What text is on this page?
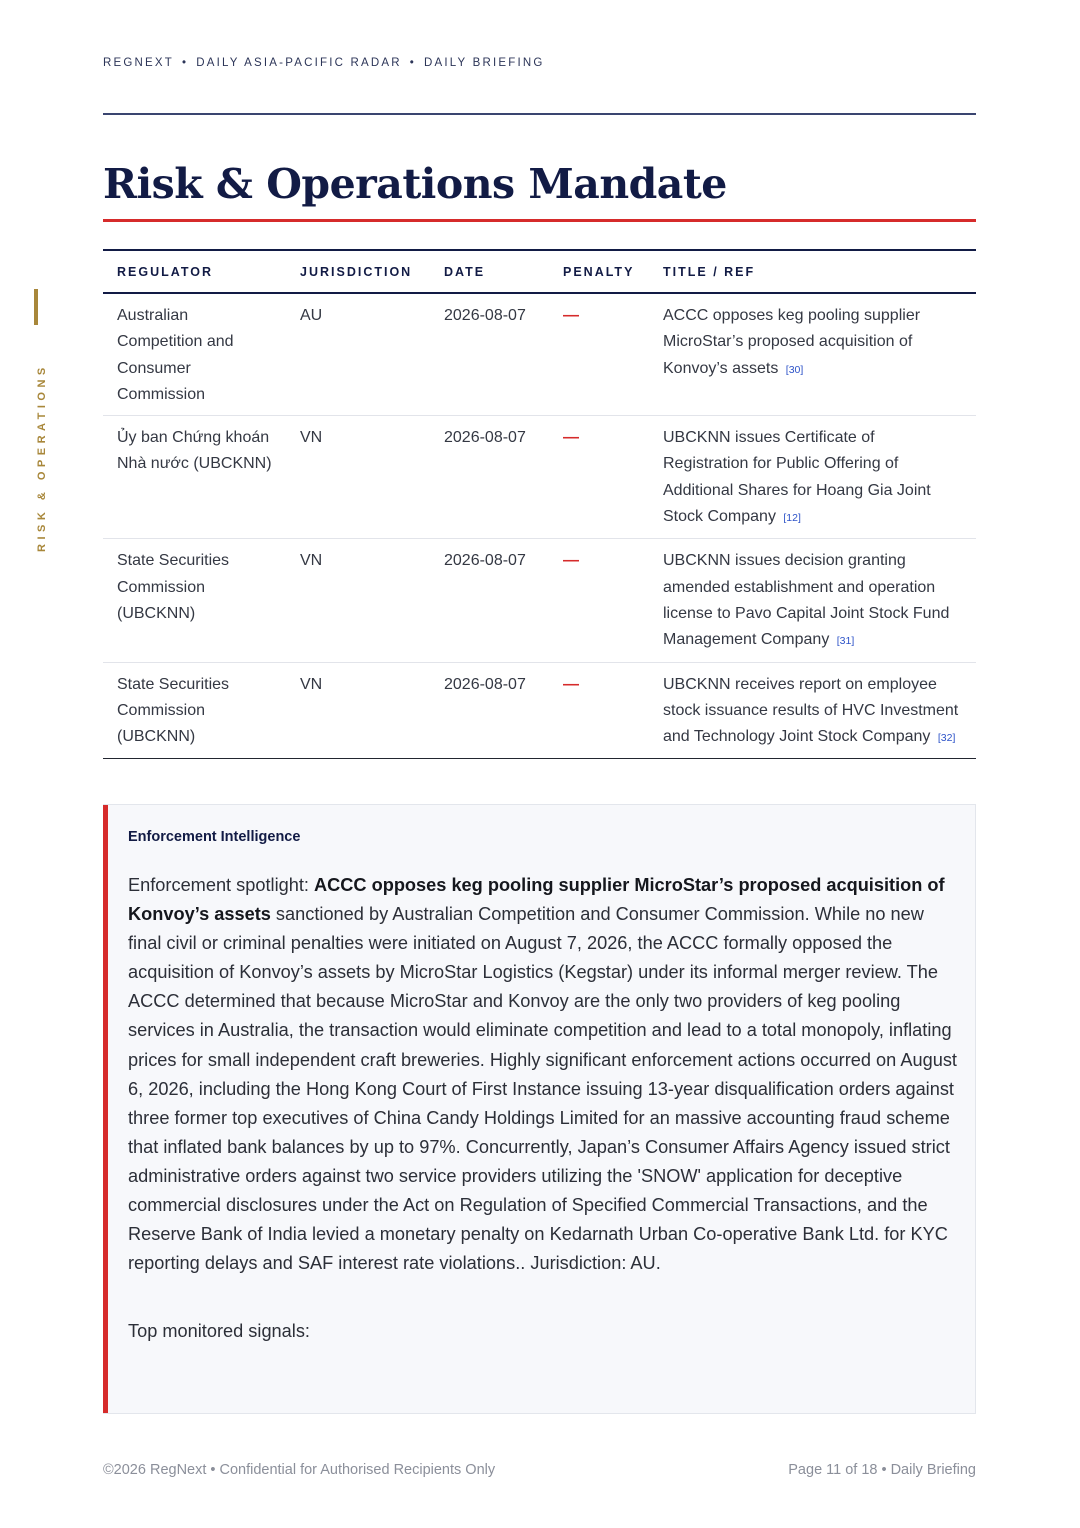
REGNEXT • DAILY ASIA-PACIFIC RADAR • DAILY BRIEFING
RISK & OPERATIONS
Risk & Operations Mandate
REGULATOR	JURISDICTION	DATE	PENALTY	TITLE / REF
Australian Competition and Consumer Commission	AU	2026-08-07	—	ACCC opposes keg pooling supplier MicroStar’s proposed acquisition of Konvoy’s assets [30]
Ủy ban Chứng khoán Nhà nước (UBCKNN)	VN	2026-08-07	—	UBCKNN issues Certificate of Registration for Public Offering of Additional Shares for Hoang Gia Joint Stock Company [12]
State Securities Commission (UBCKNN)	VN	2026-08-07	—	UBCKNN issues decision granting amended establishment and operation license to Pavo Capital Joint Stock Fund Management Company [31]
State Securities Commission (UBCKNN)	VN	2026-08-07	—	UBCKNN receives report on employee stock issuance results of HVC Investment and Technology Joint Stock Company [32]
Enforcement Intelligence

Enforcement spotlight: ACCC opposes keg pooling supplier MicroStar’s proposed acquisition of Konvoy’s assets sanctioned by Australian Competition and Consumer Commission. While no new final civil or criminal penalties were initiated on August 7, 2026, the ACCC formally opposed the acquisition of Konvoy’s assets by MicroStar Logistics (Kegstar) under its informal merger review. The ACCC determined that because MicroStar and Konvoy are the only two providers of keg pooling services in Australia, the transaction would eliminate competition and lead to a total monopoly, inflating prices for small independent craft breweries. Highly significant enforcement actions occurred on August 6, 2026, including the Hong Kong Court of First Instance issuing 13-year disqualification orders against three former top executives of China Candy Holdings Limited for an massive accounting fraud scheme that inflated bank balances by up to 97%. Concurrently, Japan’s Consumer Affairs Agency issued strict administrative orders against two service providers utilizing the 'SNOW' application for deceptive commercial disclosures under the Act on Regulation of Specified Commercial Transactions, and the Reserve Bank of India levied a monetary penalty on Kedarnath Urban Co-operative Bank Ltd. for KYC reporting delays and SAF interest rate violations.. Jurisdiction: AU.

Top monitored signals:

©2026 RegNext • Confidential for Authorised Recipients Only	Page 11 of 18 • Daily Briefing
